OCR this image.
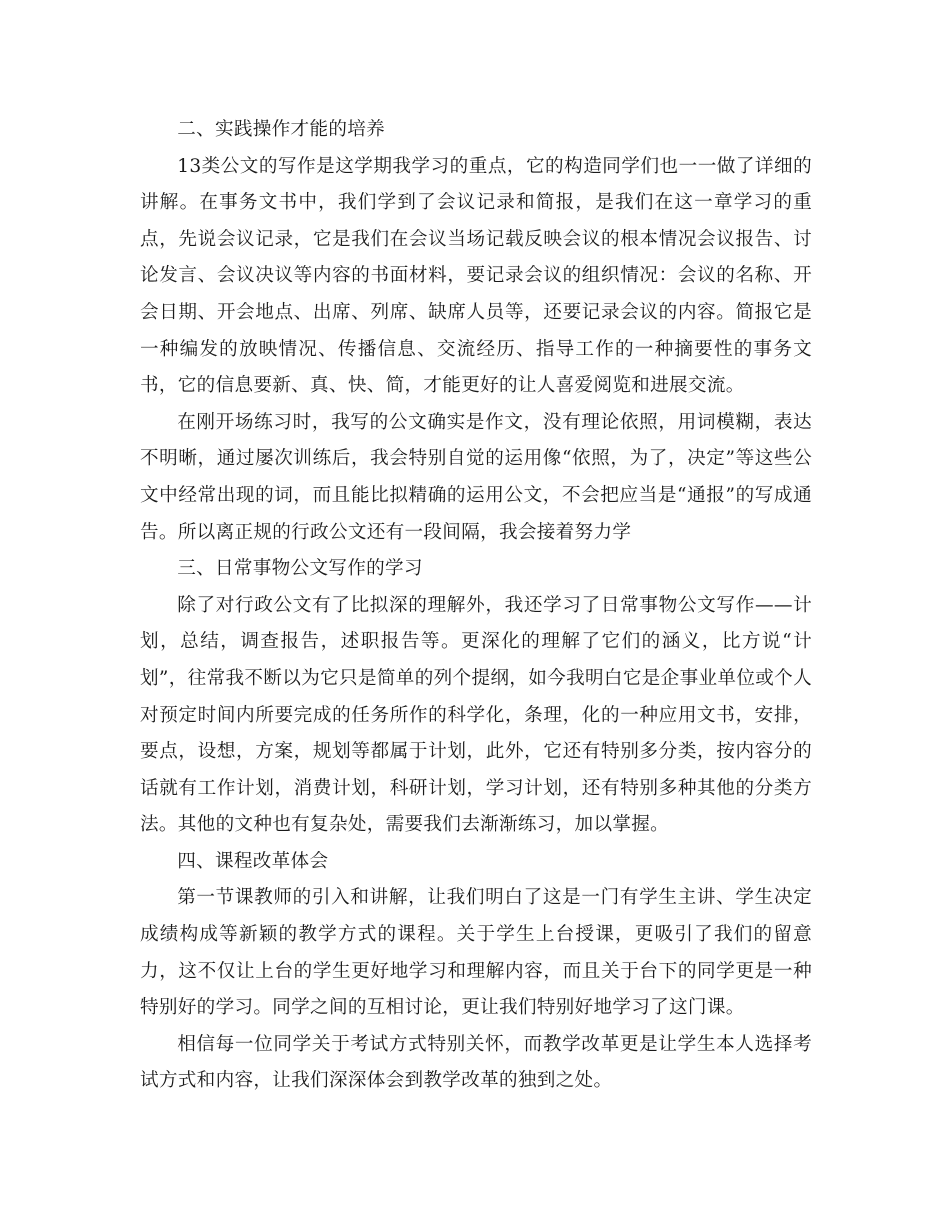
二、实践操作才能的培养

13类公文的写作是这学期我学习的重点，它的构造同学们也一一做了详细的讲解。在事务文书中，我们学到了会议记录和简报，是我们在这一章学习的重点，先说会议记录，它是我们在会议当场记载反映会议的根本情况会议报告、讨论发言、会议决议等内容的书面材料，要记录会议的组织情况：会议的名称、开会日期、开会地点、出席、列席、缺席人员等，还要记录会议的内容。简报它是一种编发的放映情况、传播信息、交流经历、指导工作的一种摘要性的事务文书，它的信息要新、真、快、简，才能更好的让人喜爱阅览和进展交流。

在刚开场练习时，我写的公文确实是作文，没有理论依照，用词模糊，表达不明晰，通过屡次训练后，我会特别自觉的运用像“依照，为了，决定”等这些公文中经常出现的词，而且能比拟精确的运用公文，不会把应当是“通报”的写成通告。所以离正规的行政公文还有一段间隔，我会接着努力学

三、日常事物公文写作的学习

除了对行政公文有了比拟深的理解外，我还学习了日常事物公文写作——计划，总结，调查报告，述职报告等。更深化的理解了它们的涵义，比方说“计划”，往常我不断以为它只是简单的列个提纲，如今我明白它是企事业单位或个人对预定时间内所要完成的任务所作的科学化，条理，化的一种应用文书，安排，要点，设想，方案，规划等都属于计划，此外，它还有特别多分类，按内容分的话就有工作计划，消费计划，科研计划，学习计划，还有特别多种其他的分类方法。其他的文种也有复杂处，需要我们去渐渐练习，加以掌握。

四、课程改革体会

第一节课教师的引入和讲解，让我们明白了这是一门有学生主讲、学生决定成绩构成等新颖的教学方式的课程。关于学生上台授课，更吸引了我们的留意力，这不仅让上台的学生更好地学习和理解内容，而且关于台下的同学更是一种特别好的学习。同学之间的互相讨论，更让我们特别好地学习了这门课。

相信每一位同学关于考试方式特别关怀，而教学改革更是让学生本人选择考试方式和内容，让我们深深体会到教学改革的独到之处。
